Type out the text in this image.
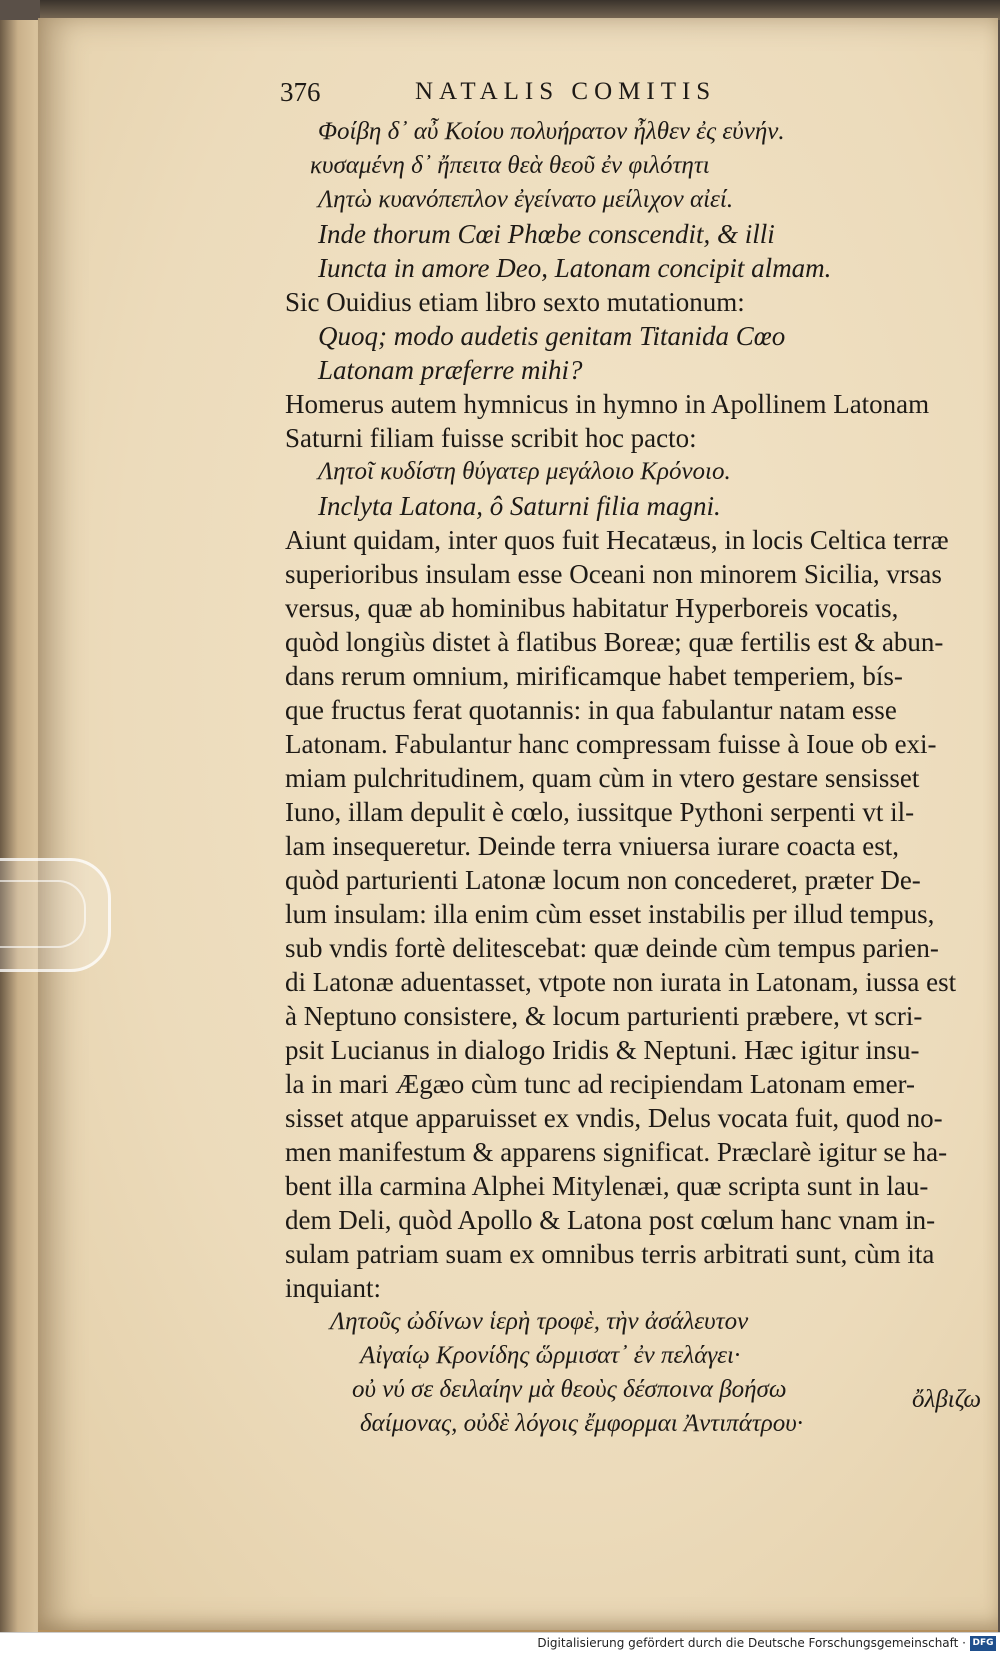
376	NATALIS COMITIS
Φοίβη δ᾽ αὖ Κοίου πολυήρατον ἦλθεν ἐς εὐνήν.
κυσαμένη δ᾽ ἤπειτα θεὰ θεοῦ ἐν φιλότητι
Λητὼ κυανόπεπλον ἐγείνατο μείλιχον αἰεί.
Inde thorum Cœi Phœbe conscendit, & illi
Iuncta in amore Deo, Latonam concipit almam.
Sic Ouidius etiam libro sexto mutationum:
Quoq; modo audetis genitam Titanida Cœo
Latonam præferre mihi?
Homerus autem hymnicus in hymno in Apollinem Latonam
Saturni filiam fuisse scribit hoc pacto:
Λητοῖ κυδίστη θύγατερ μεγάλοιο Κρόνοιο.
Inclyta Latona, ô Saturni filia magni.
Aiunt quidam, inter quos fuit Hecatæus, in locis Celtica terræ
superioribus insulam esse Oceani non minorem Sicilia, vrsas
versus, quæ ab hominibus habitatur Hyperboreis vocatis,
quòd longiùs distet à flatibus Boreæ; quæ fertilis est & abun-
dans rerum omnium, mirificamque habet temperiem, bís-
que fructus ferat quotannis: in qua fabulantur natam esse
Latonam. Fabulantur hanc compressam fuisse à Ioue ob exi-
miam pulchritudinem, quam cùm in vtero gestare sensisset
Iuno, illam depulit è cœlo, iussitque Pythoni serpenti vt il-
lam insequeretur. Deinde terra vniuersa iurare coacta est,
quòd parturienti Latonæ locum non concederet, præter De-
lum insulam: illa enim cùm esset instabilis per illud tempus,
sub vndis fortè delitescebat: quæ deinde cùm tempus parien-
di Latonæ aduentasset, vtpote non iurata in Latonam, iussa est
à Neptuno consistere, & locum parturienti præbere, vt scri-
psit Lucianus in dialogo Iridis & Neptuni. Hæc igitur insu-
la in mari Ægæo cùm tunc ad recipiendam Latonam emer-
sisset atque apparuisset ex vndis, Delus vocata fuit, quod no-
men manifestum & apparens significat. Præclarè igitur se ha-
bent illa carmina Alphei Mitylenæi, quæ scripta sunt in lau-
dem Deli, quòd Apollo & Latona post cœlum hanc vnam in-
sulam patriam suam ex omnibus terris arbitrati sunt, cùm ita
inquiant:
Λητοῦς ὠδίνων ἱερὴ τροφὲ, τὴν ἀσάλευτον
Αἰγαίῳ Κρονίδης ὥρμισατ᾽ ἐν πελάγει·
οὐ νύ σε δειλαίην μὰ θεοὺς δέσποινα βοήσω
δαίμονας, οὐδὲ λόγοις ἔμφορμαι Ἀντιπάτρου·
ὄλβιζω
Digitalisierung gefördert durch die Deutsche Forschungsgemeinschaft · DFG
